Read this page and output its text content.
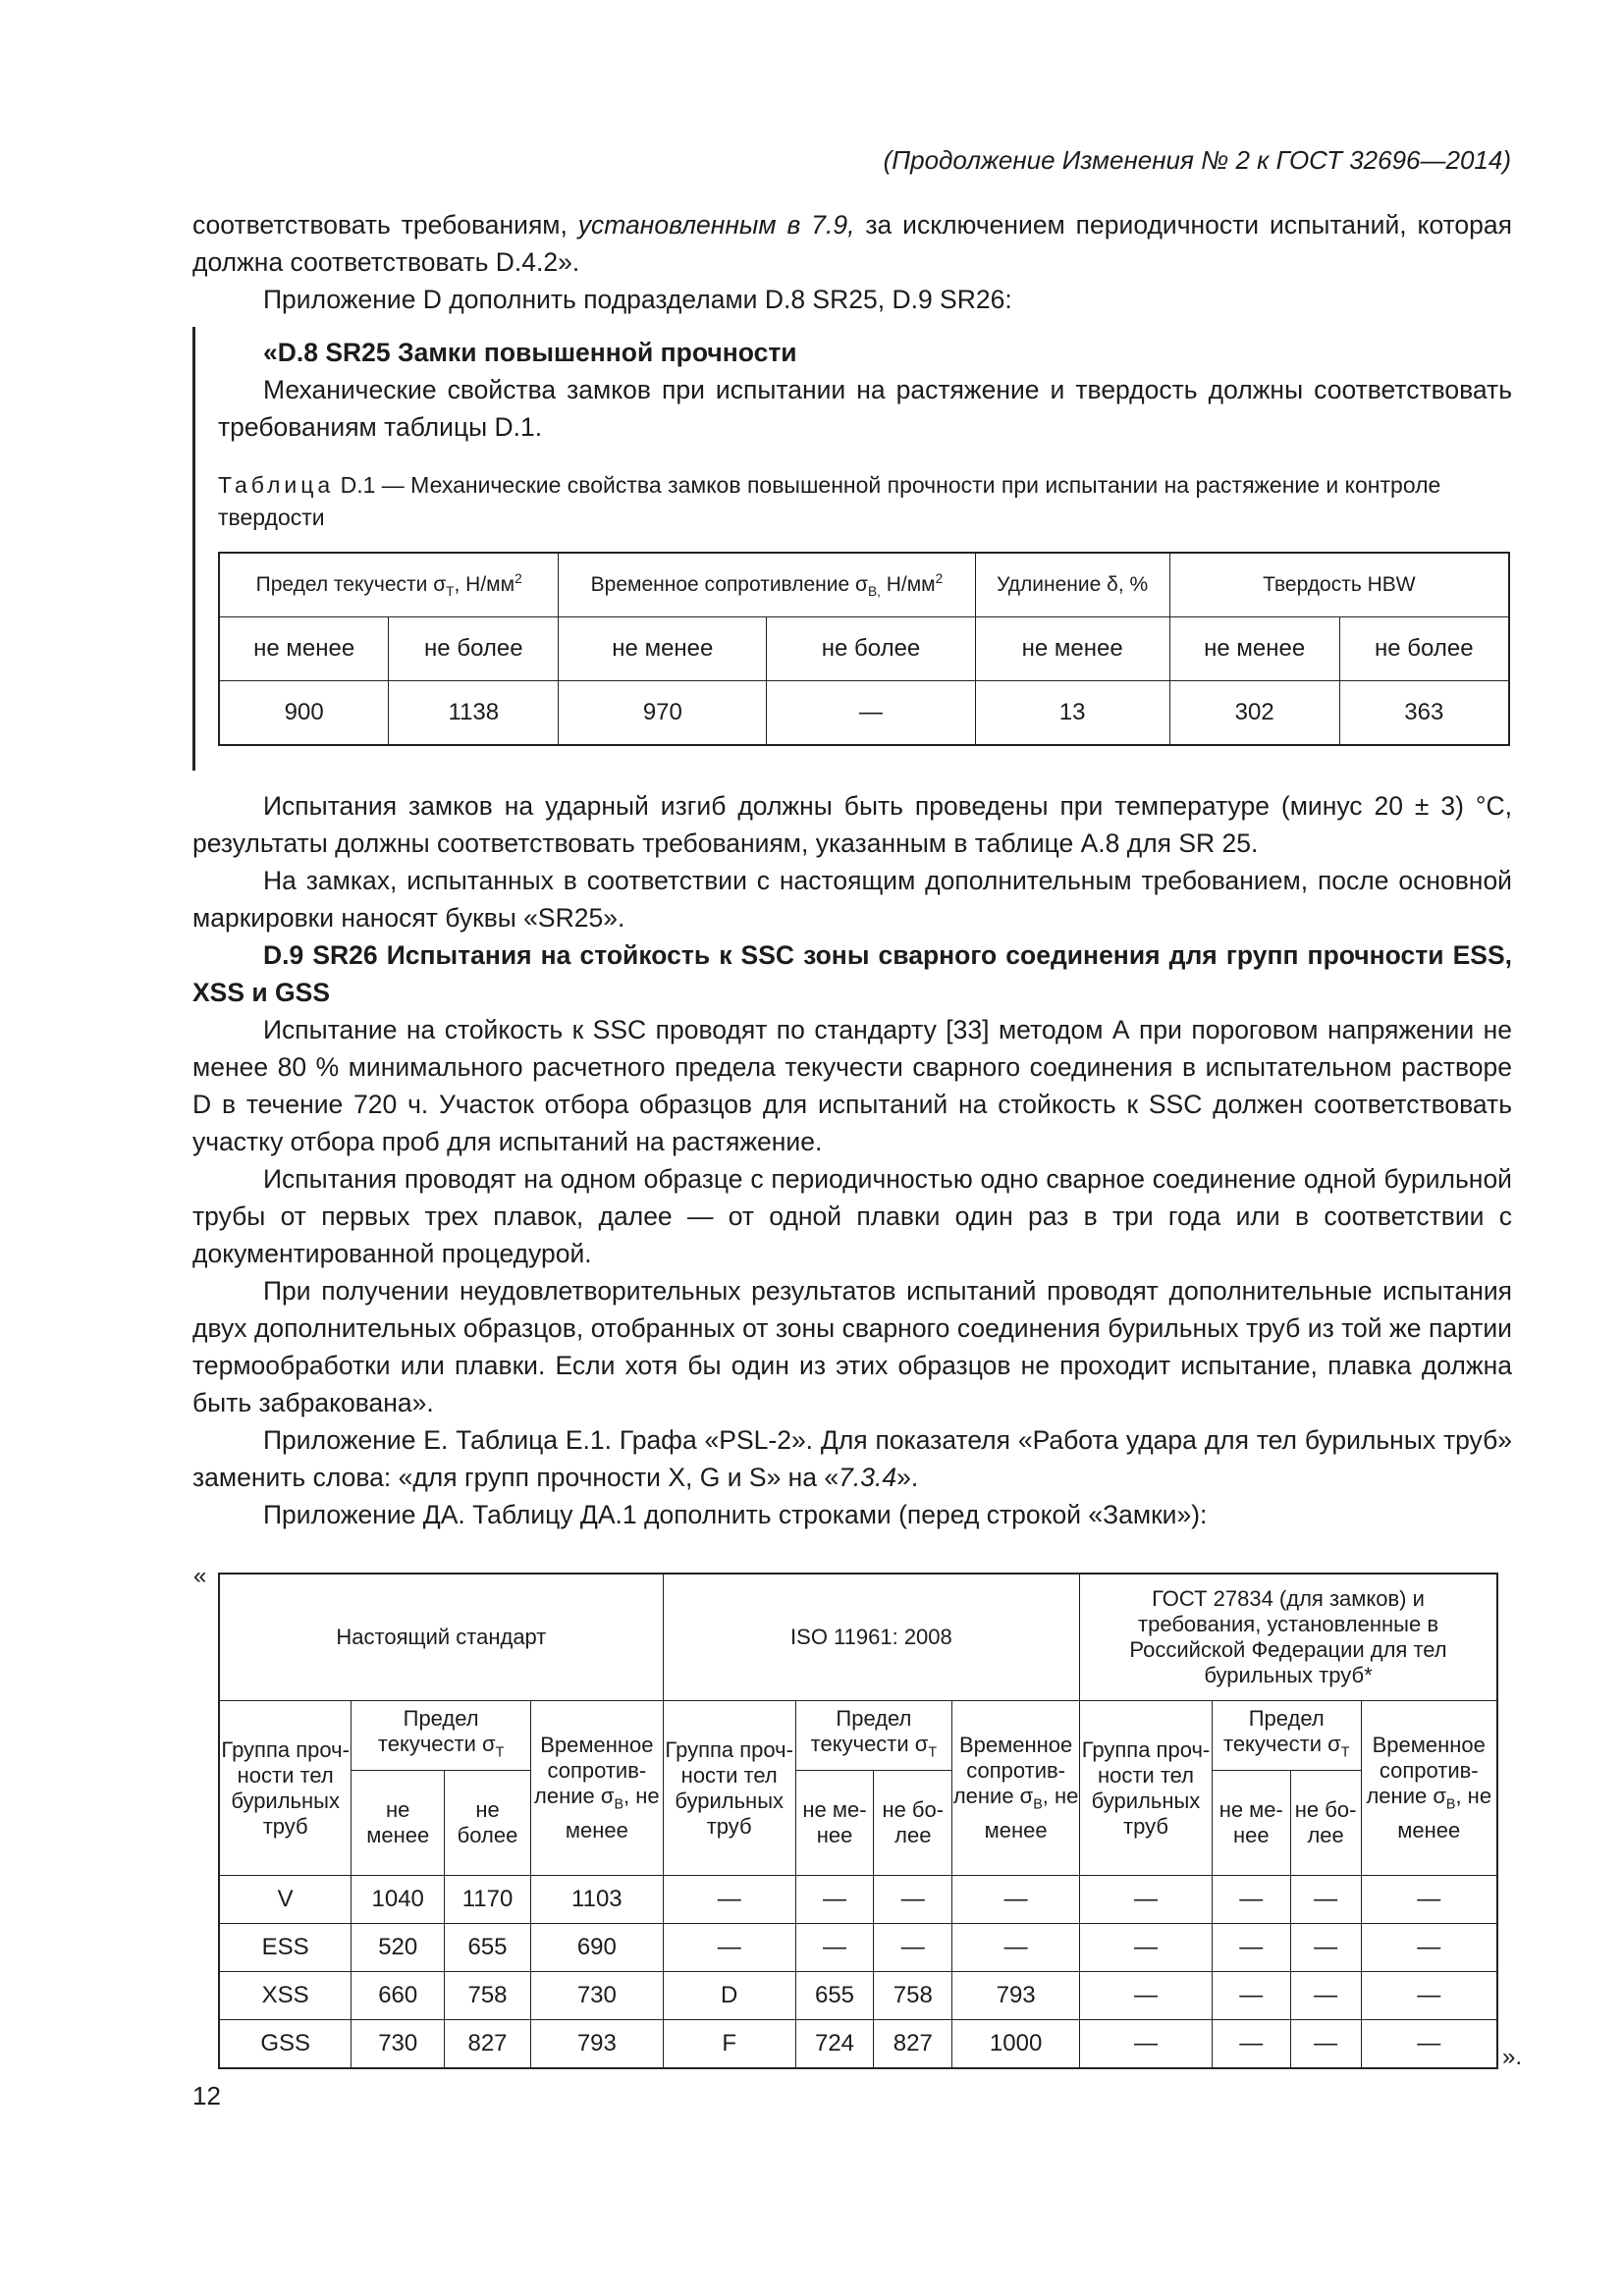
(Продолжение Изменения № 2 к ГОСТ 32696—2014)

соответствовать требованиям, установленным в 7.9, за исключением периодичности испытаний, которая должна соответствовать D.4.2».

Приложение D дополнить подразделами D.8 SR25, D.9 SR26:

«D.8 SR25 Замки повышенной прочности

Механические свойства замков при испытании на растяжение и твердость должны соответствовать требованиям таблицы D.1.

Таблица D.1 — Механические свойства замков повышенной прочности при испытании на растяжение и контроле твердости

Предел текучести $\sigma_Т$, $Н/мм^2$		Временное сопротивление $\sigma_{В,}$ $Н/мм^2$		Удлинение δ, %	Твердость HBW	
не менее	не более	не менее	не более	не менее	не менее	не более
900	1138	970	—	13	302	363

Испытания замков на ударный изгиб должны быть проведены при температуре (минус 20 ± 3) °С, результаты должны соответствовать требованиям, указанным в таблице А.8 для SR 25.

На замках, испытанных в соответствии с настоящим дополнительным требованием, после основной маркировки наносят буквы «SR25».

D.9 SR26 Испытания на стойкость к SSC зоны сварного соединения для групп прочности ESS, XSS и GSS

Испытание на стойкость к SSC проводят по стандарту [33] методом А при пороговом напряжении не менее 80 % минимального расчетного предела текучести сварного соединения в испытательном растворе D в течение 720 ч. Участок отбора образцов для испытаний на стойкость к SSC должен соответствовать участку отбора проб для испытаний на растяжение.

Испытания проводят на одном образце с периодичностью одно сварное соединение одной бурильной трубы от первых трех плавок, далее — от одной плавки один раз в три года или в соответствии с документированной процедурой.

При получении неудовлетворительных результатов испытаний проводят дополнительные испытания двух дополнительных образцов, отобранных от зоны сварного соединения бурильных труб из той же партии термообработки или плавки. Если хотя бы один из этих образцов не проходит испытание, плавка должна быть забракована».

Приложение Е. Таблица Е.1. Графа «PSL-2». Для показателя «Работа удара для тел бурильных труб» заменить слова: «для групп прочности X, G и S» на «7.3.4».

Приложение ДА. Таблицу ДА.1 дополнить строками (перед строкой «Замки»):

«
Настоящий стандарт				ISO 11961: 2008				ГОСТ 27834 (для замков) и требования, установленные в Российской Федерации для тел бурильных труб*			
Группа проч-ности тел бурильных труб	Предел текучести $\sigma_Т$		Временное сопротив-ление $\sigma_В$, не менее	Группа проч-ности тел бурильных труб	Предел текучести $\sigma_Т$		Временное сопротив-ление $\sigma_В$, не менее	Группа проч-ности тел бурильных труб	Предел текучести $\sigma_Т$		Временное сопротив-ление $\sigma_В$, не менее
	не менее	не более			не ме-нее	не бо-лее			не ме-нее	не бо-лее	
V	1040	1170	1103	—	—	—	—	—	—	—	—
ESS	520	655	690	—	—	—	—	—	—	—	—
XSS	660	758	730	D	655	758	793	—	—	—	—
GSS	730	827	793	F	724	827	1000	—	—	—	—
».
12
